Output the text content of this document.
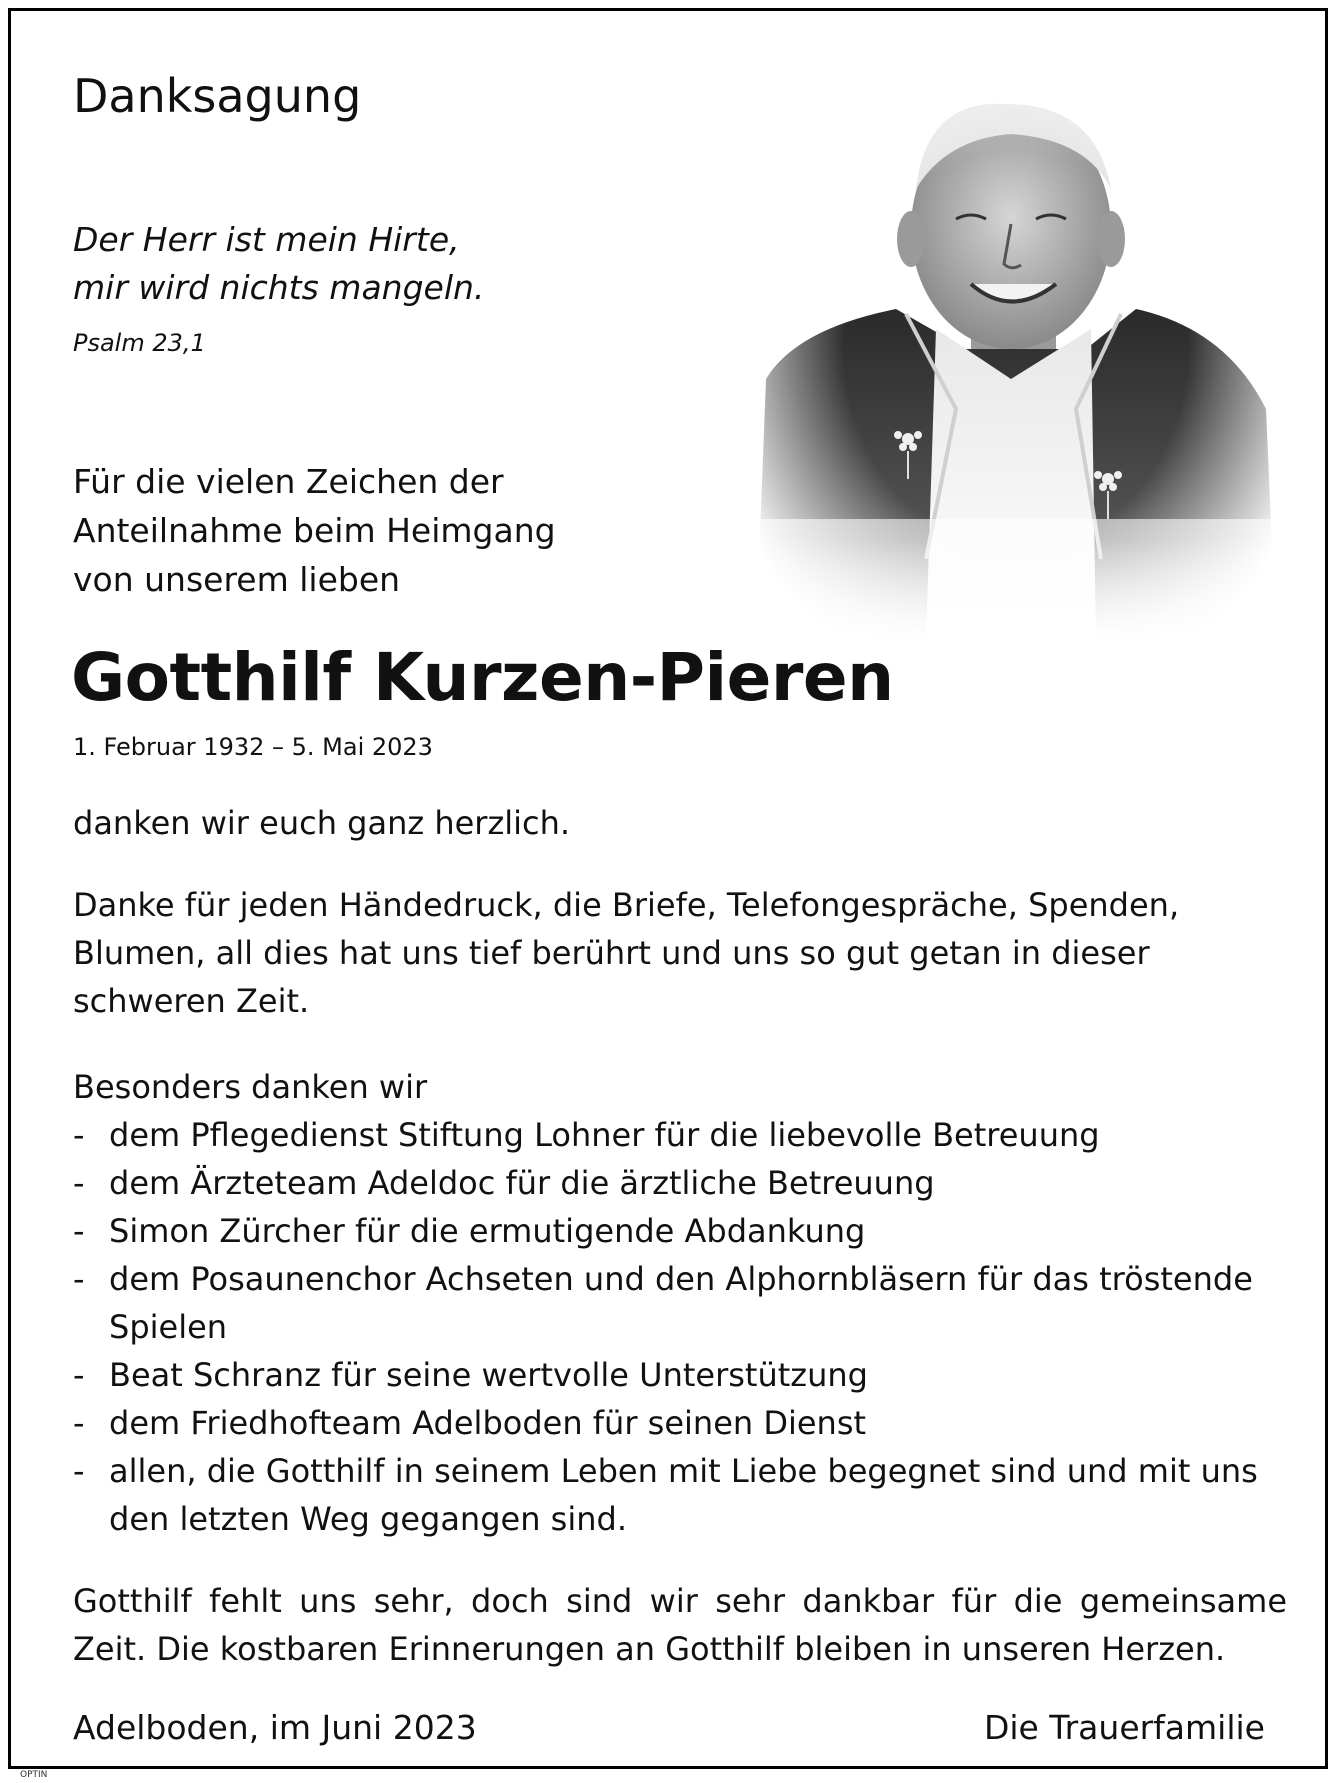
Danksagung
Der Herr ist mein Hirte,
mir wird nichts mangeln.
Psalm 23,1
Für die vielen Zeichen der
Anteilnahme beim Heimgang
von unserem lieben
Gotthilf Kurzen-Pieren
1. Februar 1932 – 5. Mai 2023

danken wir euch ganz herzlich.

Danke für jeden Händedruck, die Briefe, Telefongespräche, Spenden, Blumen, all dies hat uns tief berührt und uns so gut getan in dieser schweren Zeit.

Besonders danken wir

- dem Pflegedienst Stiftung Lohner für die liebevolle Betreuung
- dem Ärzteteam Adeldoc für die ärztliche Betreuung
- Simon Zürcher für die ermutigende Abdankung
- dem Posaunenchor Achseten und den Alphornbläsern für das tröstende Spielen
- Beat Schranz für seine wertvolle Unterstützung
- dem Friedhofteam Adelboden für seinen Dienst
- allen, die Gotthilf in seinem Leben mit Liebe begegnet sind und mit uns den letzten Weg gegangen sind.

Gotthilf fehlt uns sehr, doch sind wir sehr dankbar für die gemeinsame Zeit. Die kostbaren Erinnerungen an Gotthilf bleiben in unseren Herzen.

Adelboden, im Juni 2023	Die Trauerfamilie
OPTIN
